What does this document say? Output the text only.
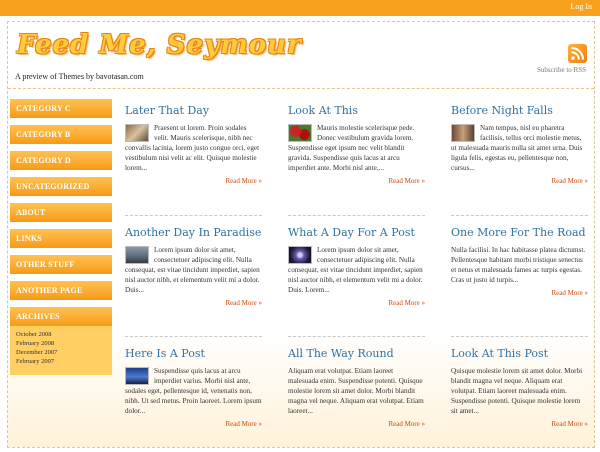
Log In
Feed Me, Seymour
A preview of Themes by bavotasan.com
Subscribe to RSS
CATEGORY C
CATEGORY B
CATEGORY D
UNCATEGORIZED
ABOUT
LINKS
OTHER STUFF
ANOTHER PAGE
ARCHIVES
October 2008
February 2008
December 2007
February 2007
Later That Day
Praesent ut lorem. Proin sodales velit. Mauris scelerisque, nibh nec convallis lacinia, lorem justo congue orci, eget vestibulum nisi velit ac elit. Quisque molestie lorem...
Read More »
Look At This
Mauris molestie scelerisque pede. Donec vestibulum gravida lorem. Suspendisse eget ipsum nec velit blandit gravida. Suspendisse quis lacus at arcu imperdiet ante. Morbi nisl ante,...
Read More »
Before Night Falls
Nam tempus, nisl eu pharetra facilisis, tellus orci molestie metus, ut malesuada mauris nulla sit amet urna. Duis ligula felis, egestas eu, pellentesque non, cursus...
Read More »
Another Day In Paradise
Lorem ipsum dolor sit amet, consectetuer adipiscing elit. Nulla consequat, est vitae tincidunt imperdiet, sapien nisl auctor nibh, et elementum velit mi a dolor. Duis...
Read More »
What A Day For A Post
Lorem ipsum dolor sit amet, consectetuer adipiscing elit. Nulla consequat, est vitae tincidunt imperdiet, sapien nisl auctor nibh, et elementum velit mi a dolor. Duis. Lorem...
Read More »
One More For The Road
Nulla facilisi. In hac habitasse platea dictumst. Pellentesque habitant morbi tristique senectus et netus et malesuada fames ac turpis egestas. Cras ut justo id turpis...
Read More »
Here Is A Post
Suspendisse quis lacus at arcu imperdiet varius. Morbi nisl ante, sodales eget, pellentesque id, venenatis non, nibh. Ut sed metus. Proin laoreet. Lorem ipsum dolor...
Read More »
All The Way Round
Aliquam erat volutpat. Etiam laoreet malesuada enim. Suspendisse potenti. Quisque molestie lorem sit amet dolor. Morbi blandit magna vel neque. Aliquam erat volutpat. Etiam laoreet...
Read More »
Look At This Post
Quisque molestie lorem sit amet dolor. Morbi blandit magna vel neque. Aliquam erat volutpat. Etiam laoreet malesuada enim. Suspendisse potenti. Quisque molestie lorem sit amet...
Read More »
